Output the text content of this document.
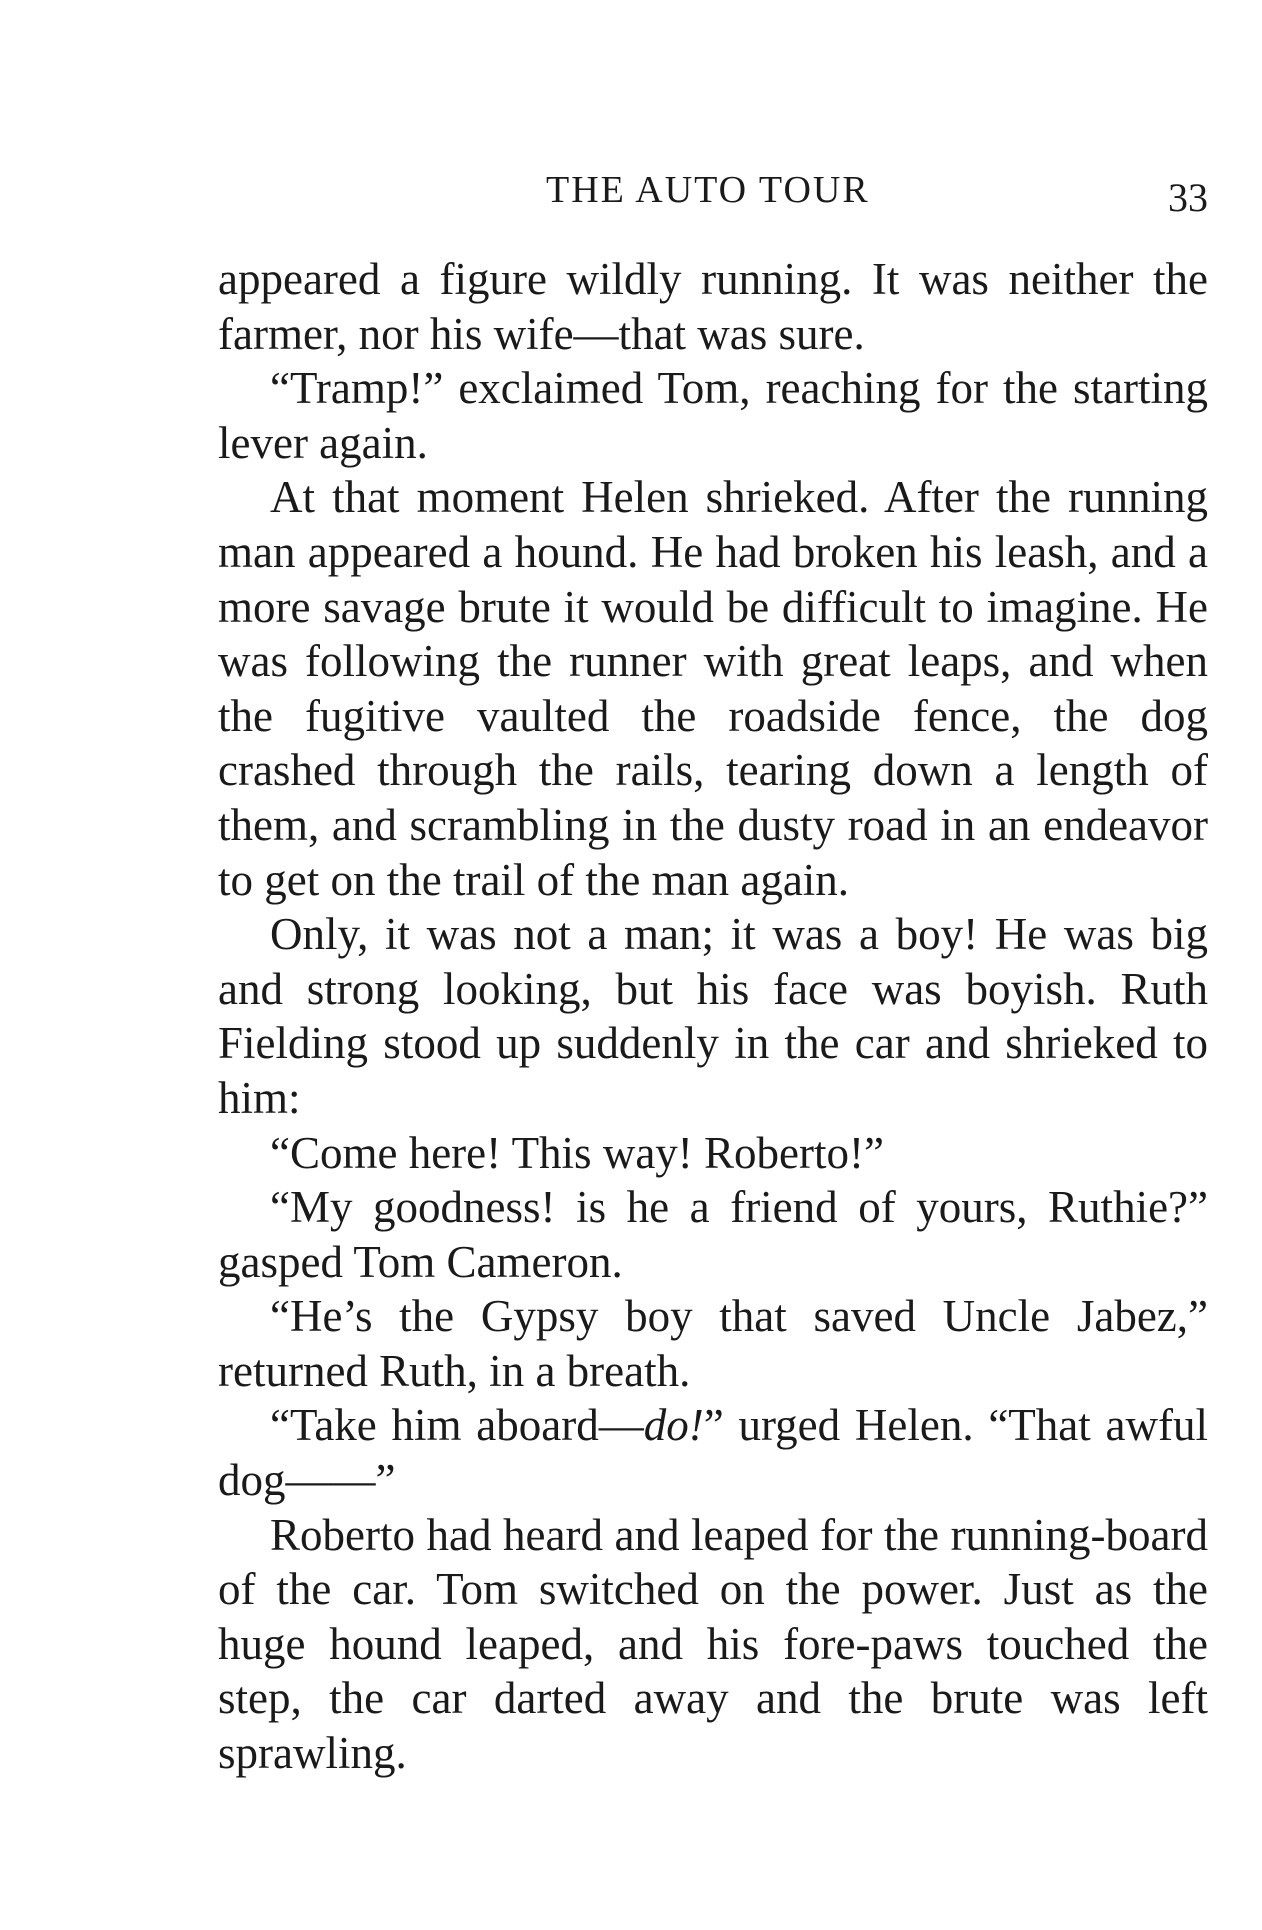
THE AUTO TOUR	33

appeared a figure wildly running. It was neither the farmer, nor his wife—that was sure.

“Tramp!” exclaimed Tom, reaching for the starting lever again.

At that moment Helen shrieked. After the running man appeared a hound. He had broken his leash, and a more savage brute it would be difficult to imagine. He was following the runner with great leaps, and when the fugitive vaulted the roadside fence, the dog crashed through the rails, tearing down a length of them, and scrambling in the dusty road in an endeavor to get on the trail of the man again.

Only, it was not a man; it was a boy! He was big and strong looking, but his face was boyish. Ruth Fielding stood up suddenly in the car and shrieked to him:

“Come here! This way! Roberto!”

“My goodness! is he a friend of yours, Ruthie?” gasped Tom Cameron.

“He’s the Gypsy boy that saved Uncle Jabez,” returned Ruth, in a breath.

“Take him aboard—do!” urged Helen. “That awful dog——”

Roberto had heard and leaped for the running-board of the car. Tom switched on the power. Just as the huge hound leaped, and his fore-paws touched the step, the car darted away and the brute was left sprawling.
